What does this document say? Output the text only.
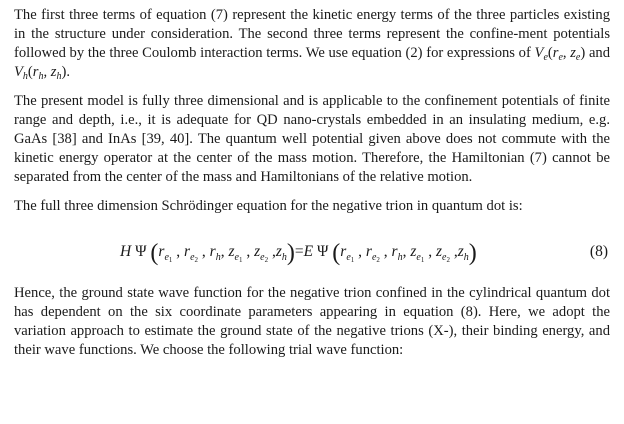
The first three terms of equation (7) represent the kinetic energy terms of the three particles existing in the structure under consideration. The second three terms represent the confine-ment potentials followed by the three Coulomb interaction terms. We use equation (2) for expressions of $V_e(r_e$, $z_e$) and $V_h(r_h$, $z_h$).

The present model is fully three dimensional and is applicable to the confinement potentials of finite range and depth, i.e., it is adequate for QD nano-crystals embedded in an insulating medium, e.g. GaAs [38] and InAs [39, 40]. The quantum well potential given above does not commute with the kinetic energy operator at the center of the mass motion. Therefore, the Hamiltonian (7) cannot be separated from the center of the mass and Hamiltonians of the relative motion.

The full three dimension Schrödinger equation for the negative trion in quantum dot is:

H Ψ ($r_{e_1}$ , $r_{e_2}$ , $r_h$, $z_{e_1}$ , $z_{e_2}$ $,z_h)=E$ Ψ ($r_{e_1}$ , $r_{e_2}$ , $r_h$, $z_{e_1}$ , $z_{e_2}$ $,z_h$)	(8)

Hence, the ground state wave function for the negative trion confined in the cylindrical quantum dot has dependent on the six coordinate parameters appearing in equation (8). Here, we adopt the variation approach to estimate the ground state of the negative trions (X-), their binding energy, and their wave functions. We choose the following trial wave function:
